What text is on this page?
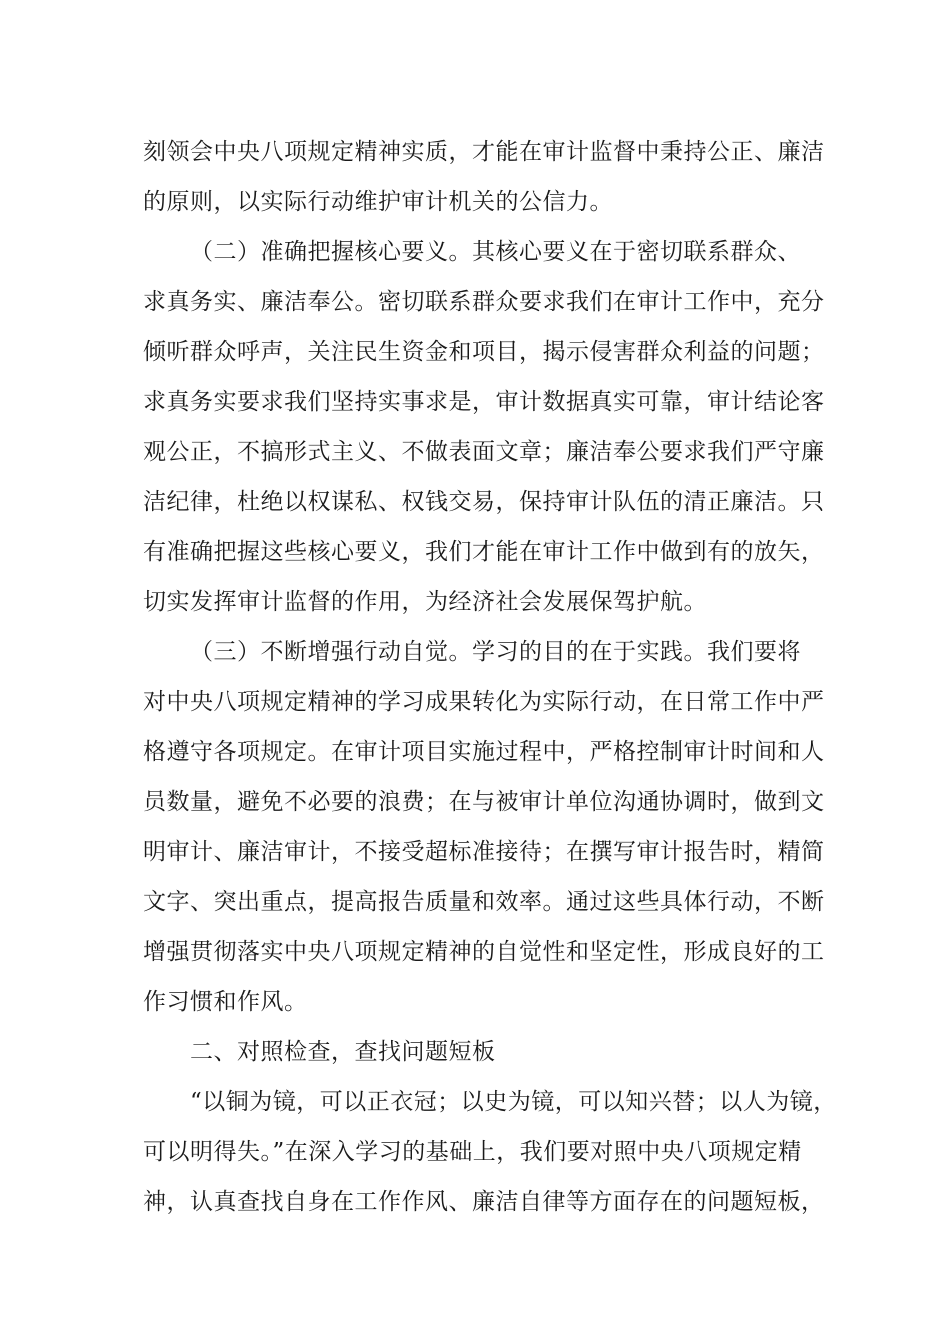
刻领会中央八项规定精神实质，才能在审计监督中秉持公正、廉洁
的原则，以实际行动维护审计机关的公信力。
（二）准确把握核心要义。其核心要义在于密切联系群众、
求真务实、廉洁奉公。密切联系群众要求我们在审计工作中，充分
倾听群众呼声，关注民生资金和项目，揭示侵害群众利益的问题；
求真务实要求我们坚持实事求是，审计数据真实可靠，审计结论客
观公正，不搞形式主义、不做表面文章；廉洁奉公要求我们严守廉
洁纪律，杜绝以权谋私、权钱交易，保持审计队伍的清正廉洁。只
有准确把握这些核心要义，我们才能在审计工作中做到有的放矢，
切实发挥审计监督的作用，为经济社会发展保驾护航。
（三）不断增强行动自觉。学习的目的在于实践。我们要将
对中央八项规定精神的学习成果转化为实际行动，在日常工作中严
格遵守各项规定。在审计项目实施过程中，严格控制审计时间和人
员数量，避免不必要的浪费；在与被审计单位沟通协调时，做到文
明审计、廉洁审计，不接受超标准接待；在撰写审计报告时，精简
文字、突出重点，提高报告质量和效率。通过这些具体行动，不断
增强贯彻落实中央八项规定精神的自觉性和坚定性，形成良好的工
作习惯和作风。
二、对照检查，查找问题短板
“以铜为镜，可以正衣冠；以史为镜，可以知兴替；以人为镜，
可以明得失。”在深入学习的基础上，我们要对照中央八项规定精
神，认真查找自身在工作作风、廉洁自律等方面存在的问题短板，
